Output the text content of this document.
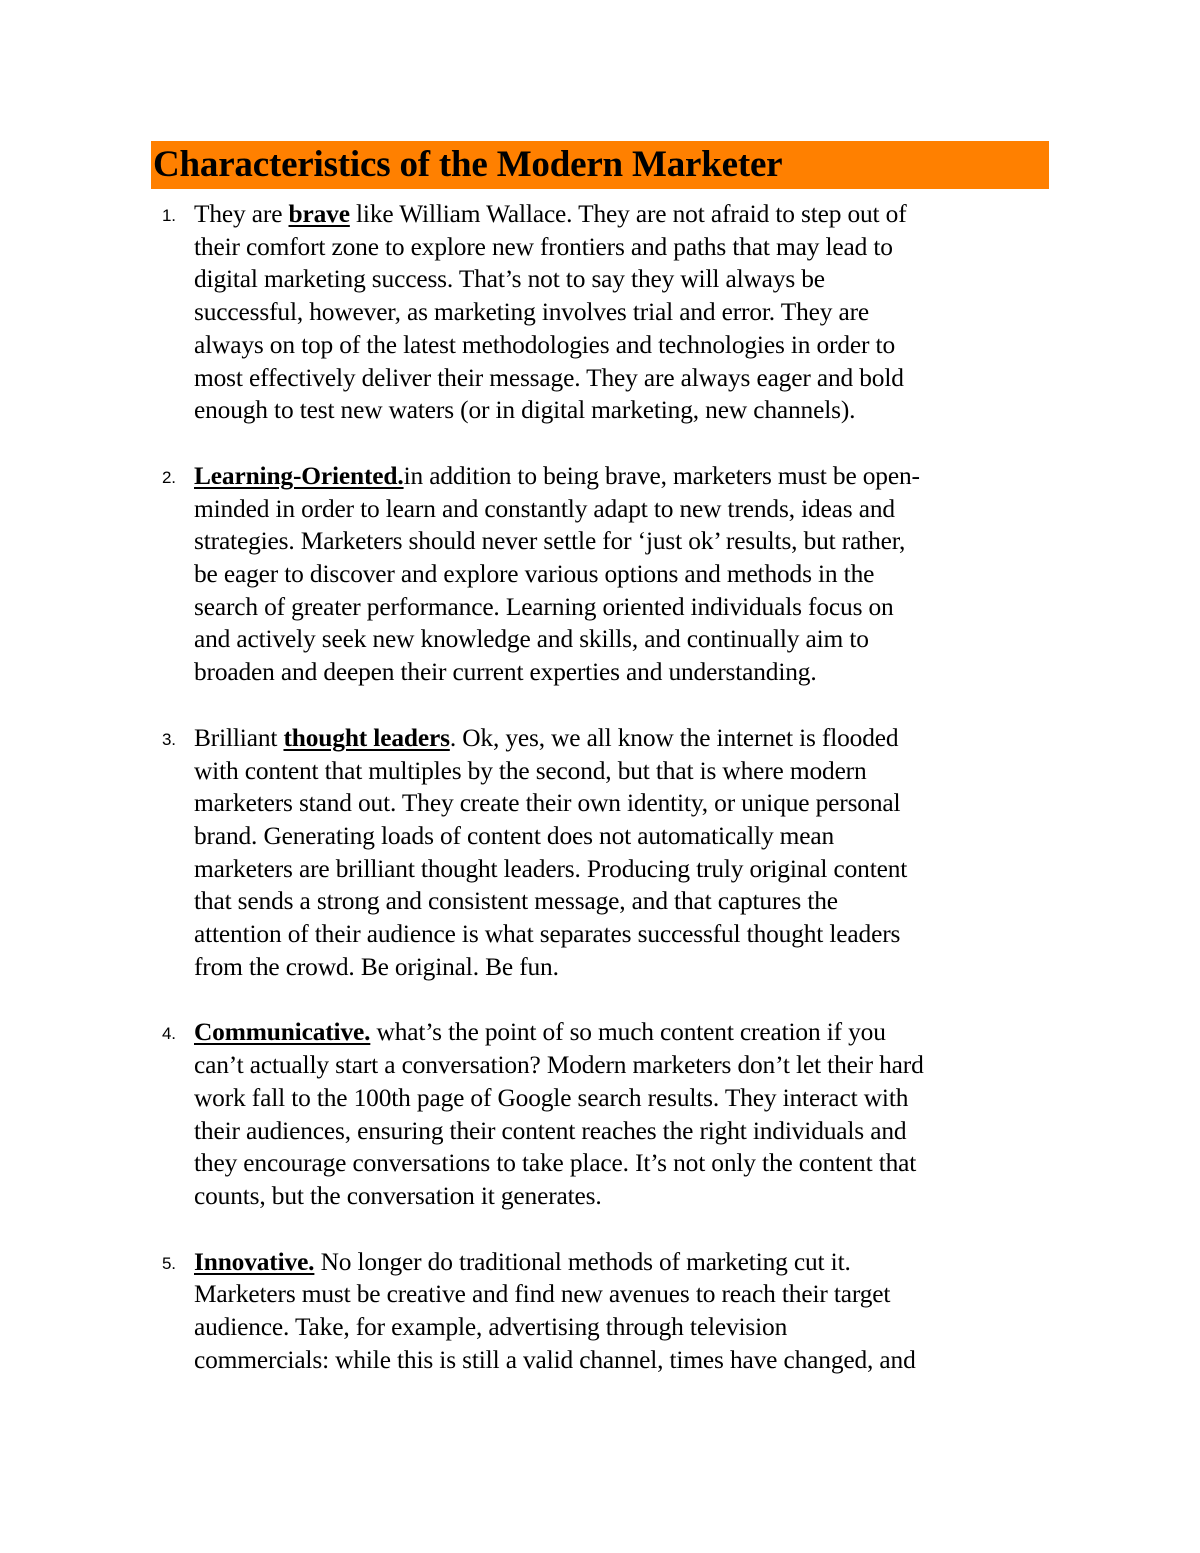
Characteristics of the Modern Marketer
1. They are brave like William Wallace. They are not afraid to step out of
their comfort zone to explore new frontiers and paths that may lead to
digital marketing success. That’s not to say they will always be
successful, however, as marketing involves trial and error. They are
always on top of the latest methodologies and technologies in order to
most effectively deliver their message. They are always eager and bold
enough to test new waters (or in digital marketing, new channels).
2. Learning-Oriented.in addition to being brave, marketers must be open-
minded in order to learn and constantly adapt to new trends, ideas and
strategies. Marketers should never settle for ‘just ok’ results, but rather,
be eager to discover and explore various options and methods in the
search of greater performance. Learning oriented individuals focus on
and actively seek new knowledge and skills, and continually aim to
broaden and deepen their current experties and understanding.
3. Brilliant thought leaders. Ok, yes, we all know the internet is flooded
with content that multiples by the second, but that is where modern
marketers stand out. They create their own identity, or unique personal
brand. Generating loads of content does not automatically mean
marketers are brilliant thought leaders. Producing truly original content
that sends a strong and consistent message, and that captures the
attention of their audience is what separates successful thought leaders
from the crowd. Be original. Be fun.
4. Communicative. what’s the point of so much content creation if you
can’t actually start a conversation? Modern marketers don’t let their hard
work fall to the 100th page of Google search results. They interact with
their audiences, ensuring their content reaches the right individuals and
they encourage conversations to take place. It’s not only the content that
counts, but the conversation it generates.
5. Innovative. No longer do traditional methods of marketing cut it.
Marketers must be creative and find new avenues to reach their target
audience. Take, for example, advertising through television
commercials: while this is still a valid channel, times have changed, and
